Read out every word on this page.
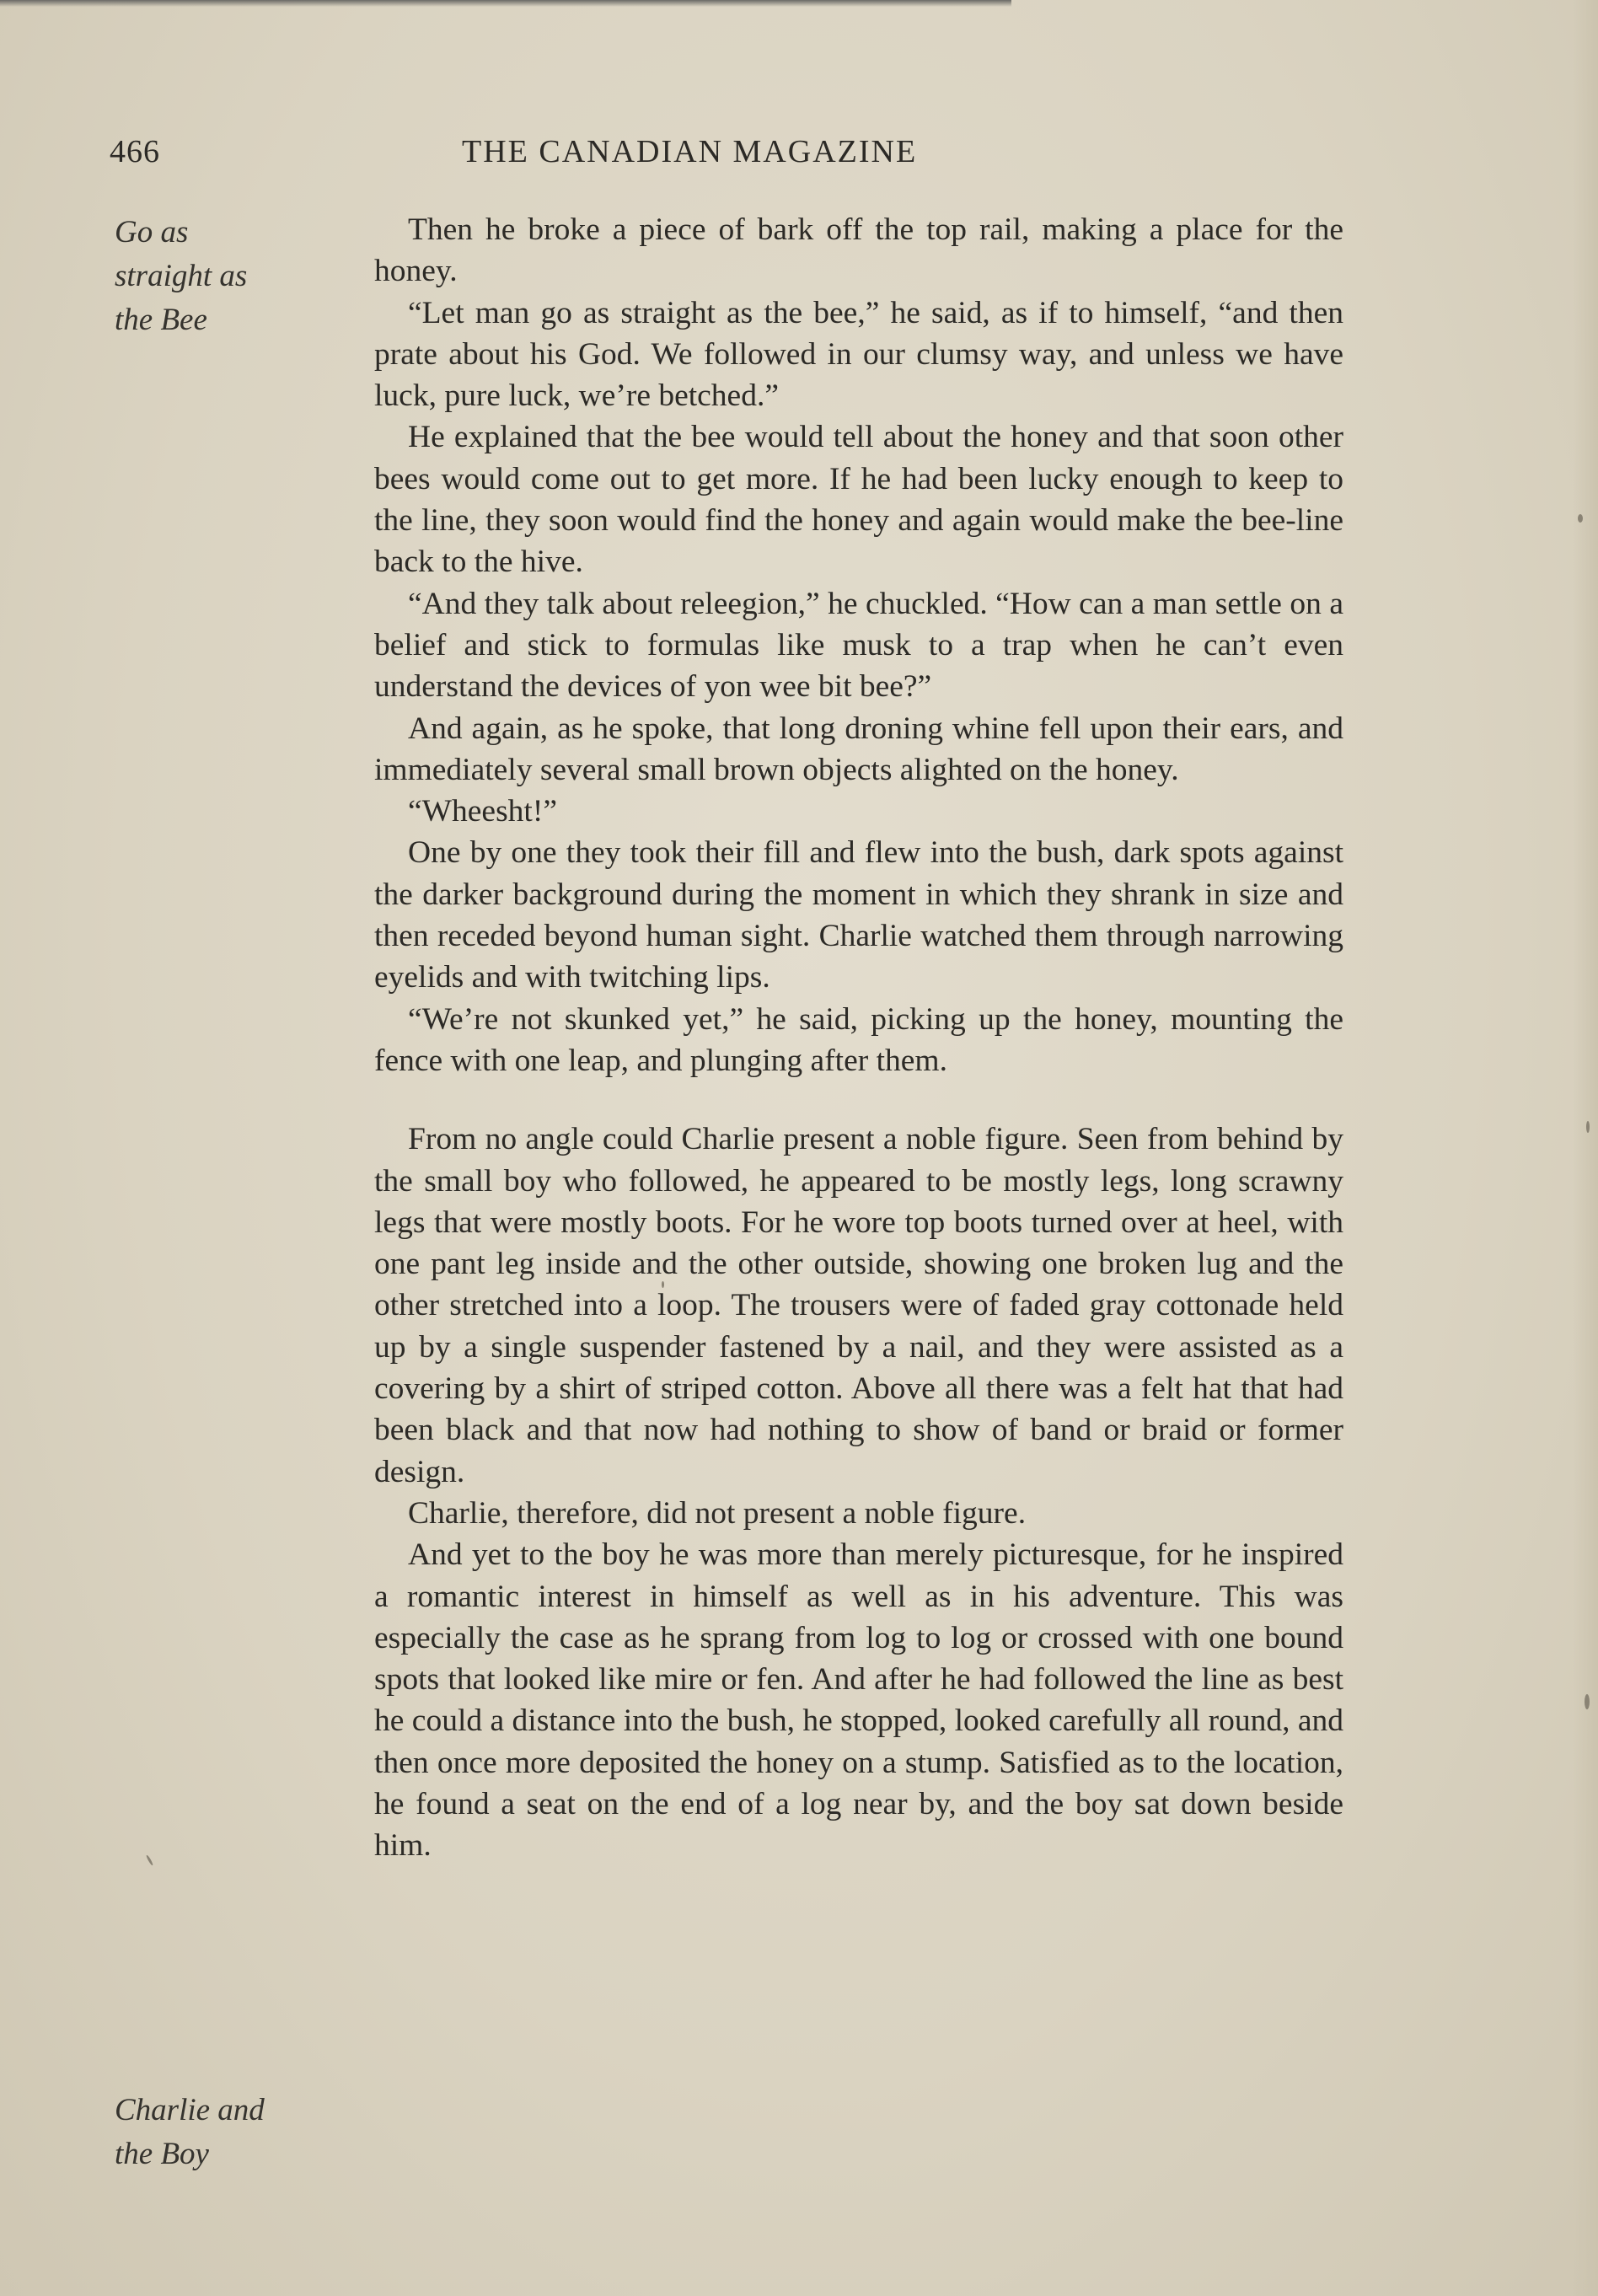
466	THE CANADIAN MAGAZINE
Go as
straight as
the Bee
Charlie and
the Boy

Then he broke a piece of bark off the top rail, making a place for the honey.

“Let man go as straight as the bee,” he said, as if to himself, “and then prate about his God. We followed in our clumsy way, and unless we have luck, pure luck, we’re betched.”

He explained that the bee would tell about the honey and that soon other bees would come out to get more. If he had been lucky enough to keep to the line, they soon would find the honey and again would make the bee-line back to the hive.

“And they talk about releegion,” he chuckled. “How can a man settle on a belief and stick to formulas like musk to a trap when he can’t even understand the devices of yon wee bit bee?”

And again, as he spoke, that long droning whine fell upon their ears, and immediately several small brown objects alighted on the honey.

“Wheesht!”

One by one they took their fill and flew into the bush, dark spots against the darker background during the moment in which they shrank in size and then receded beyond human sight. Charlie watched them through narrowing eyelids and with twitching lips.

“We’re not skunked yet,” he said, picking up the honey, mounting the fence with one leap, and plunging after them.

From no angle could Charlie present a noble figure. Seen from behind by the small boy who followed, he appeared to be mostly legs, long scrawny legs that were mostly boots. For he wore top boots turned over at heel, with one pant leg inside and the other outside, showing one broken lug and the other stretched into a loop. The trousers were of faded gray cottonade held up by a single suspender fastened by a nail, and they were assisted as a covering by a shirt of striped cotton. Above all there was a felt hat that had been black and that now had nothing to show of band or braid or former design.

Charlie, therefore, did not present a noble figure.

And yet to the boy he was more than merely picturesque, for he inspired a romantic interest in himself as well as in his adventure. This was especially the case as he sprang from log to log or crossed with one bound spots that looked like mire or fen. And after he had followed the line as best he could a distance into the bush, he stopped, looked carefully all round, and then once more deposited the honey on a stump. Satisfied as to the location, he found a seat on the end of a log near by, and the boy sat down beside him.
